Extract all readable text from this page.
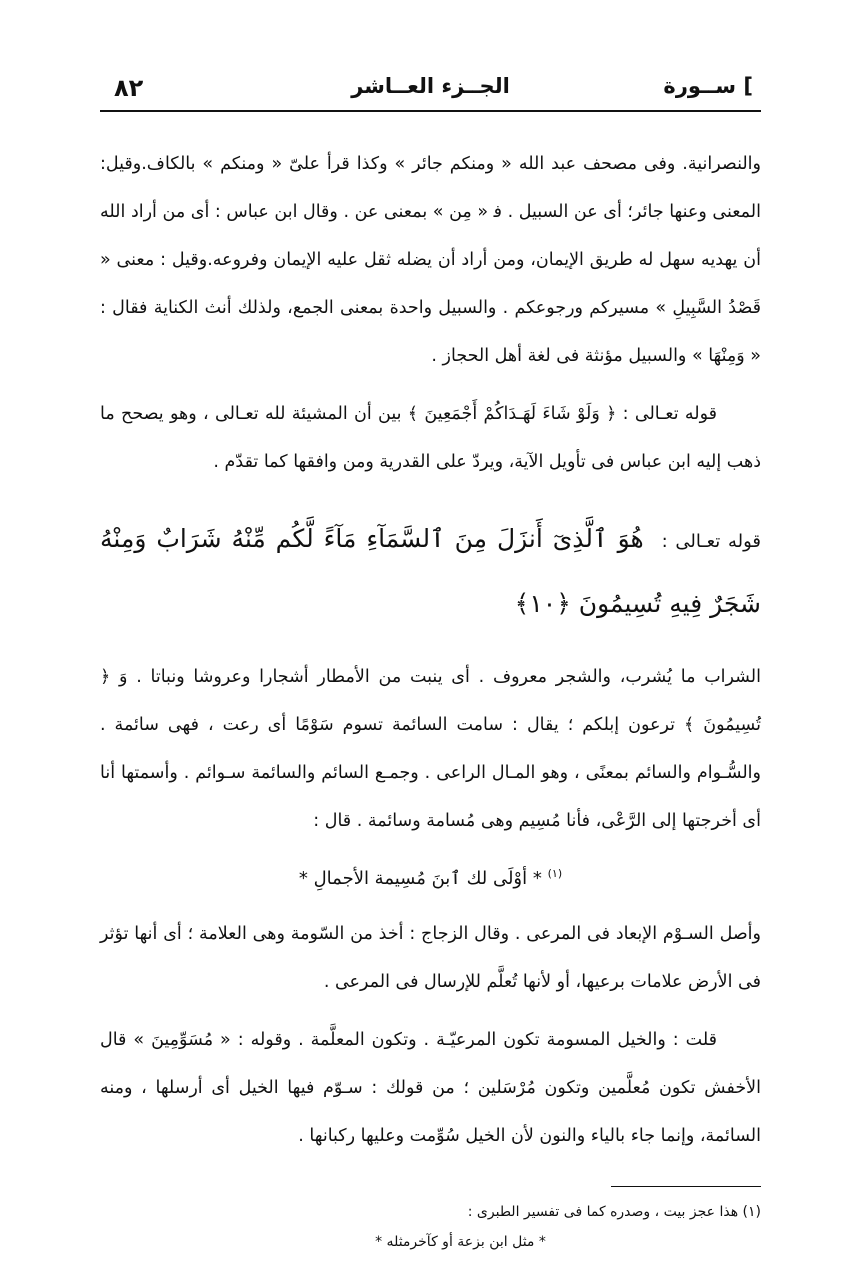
٨٢	الجــزء العــاشر	] ســورة

والنصرانية. وفى مصحف عبد الله « ومنكم جائر » وكذا قرأ علىّ « ومنكم » بالكاف.وقيل: المعنى وعنها جائر؛ أى عن السبيل . ﻓ « مِن » بمعنى عن . وقال ابن عباس : أى من أراد الله أن يهديه سهل له طريق الإيمان، ومن أراد أن يضله ثقل عليه الإيمان وفروعه.وقيل : معنى « قَصْدُ السَّبِيلِ » مسيركم ورجوعكم . والسبيل واحدة بمعنى الجمع، ولذلك أنث الكناية فقال : « وَمِنْهَا » والسبيل مؤنثة فى لغة أهل الحجاز .

قوله تعـالى : ﴿ وَلَوْ شَاءَ لَهَـدَاكُمْ أَجْمَعِينَ ﴾ بين أن المشيئة لله تعـالى ، وهو يصحح ما ذهب إليه ابن عباس فى تأويل الآية، ويردّ على القدرية ومن وافقها كما تقدّم .

قوله تعـالى : هُوَ ٱلَّذِىٓ أَنزَلَ مِنَ ٱلسَّمَآءِ مَآءً لَّكُم مِّنْهُ شَرَابٌ وَمِنْهُ شَجَرٌ فِيهِ تُسِيمُونَ ﴿١٠﴾

الشراب ما يُشرب، والشجر معروف . أى ينبت من الأمطار أشجارا وعروشا ونباتا . وَ ﴿ تُسِيمُونَ ﴾ ترعون إبلكم ؛ يقال : سامت السائمة تسوم سَوْمًا أى رعت ، فهى سائمة . والسُّـوام والسائم بمعنًى ، وهو المـال الراعى . وجمـع السائم والسائمة سـوائم . وأسمتها أنا أى أخرجتها إلى الرَّعْى، فأنا مُسِيم وهى مُسامة وسائمة . قال :

$^{(١)}$ * أوْلَى لك ٱبنَ مُسِيمة الأجمالِ *

وأصل السـوْم الإبعاد فى المرعى . وقال الزجاج : أخذ من السّومة وهى العلامة ؛ أى أنها تؤثر فى الأرض علامات برعيها، أو لأنها تُعلَّم للإرسال فى المرعى .

قلت : والخيل المسومة تكون المرعيّـة . وتكون المعلَّمة . وقوله : « مُسَوِّمِينَ » قال الأخفش تكون مُعلَّمين وتكون مُرْسَلين ؛ من قولك : سـوّم فيها الخيل أى أرسلها ، ومنه السائمة، وإنما جاء بالياء والنون لأن الخيل سُوِّمت وعليها ركبانها .

(١) هذا عجز بيت ، وصدره كما فى تفسير الطبرى :

* مثل ابن بزعة أو كآخرمثله *
